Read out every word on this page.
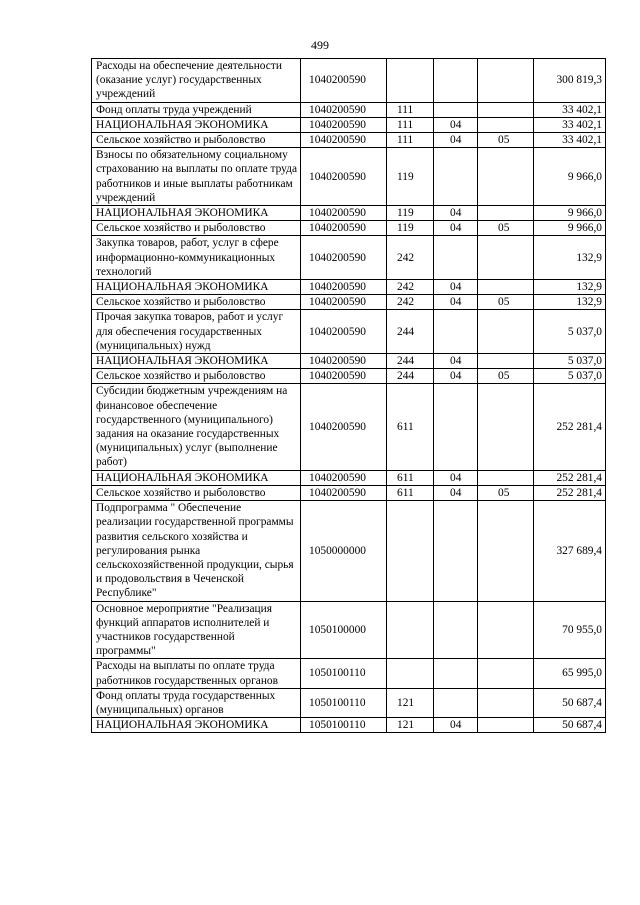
499
Расходы на обеспечение деятельности (оказание услуг) государственных учреждений	1040200590				300 819,3
Фонд оплаты труда учреждений	1040200590	111			33 402,1
НАЦИОНАЛЬНАЯ ЭКОНОМИКА	1040200590	111	04		33 402,1
Сельское хозяйство и рыболовство	1040200590	111	04	05	33 402,1
Взносы по обязательному социальному страхованию на выплаты по оплате труда работников и иные выплаты работникам учреждений	1040200590	119			9 966,0
НАЦИОНАЛЬНАЯ ЭКОНОМИКА	1040200590	119	04		9 966,0
Сельское хозяйство и рыболовство	1040200590	119	04	05	9 966,0
Закупка товаров, работ, услуг в сфере информационно-коммуникационных технологий	1040200590	242			132,9
НАЦИОНАЛЬНАЯ ЭКОНОМИКА	1040200590	242	04		132,9
Сельское хозяйство и рыболовство	1040200590	242	04	05	132,9
Прочая закупка товаров, работ и услуг для обеспечения государственных (муниципальных) нужд	1040200590	244			5 037,0
НАЦИОНАЛЬНАЯ ЭКОНОМИКА	1040200590	244	04		5 037,0
Сельское хозяйство и рыболовство	1040200590	244	04	05	5 037,0
Субсидии бюджетным учреждениям на финансовое обеспечение государственного (муниципального) задания на оказание государственных (муниципальных) услуг (выполнение работ)	1040200590	611			252 281,4
НАЦИОНАЛЬНАЯ ЭКОНОМИКА	1040200590	611	04		252 281,4
Сельское хозяйство и рыболовство	1040200590	611	04	05	252 281,4
Подпрограмма " Обеспечение реализации государственной программы развития сельского хозяйства и регулирования рынка сельскохозяйственной продукции, сырья и продовольствия в Чеченской Республике"	1050000000				327 689,4
Основное мероприятие "Реализация функций аппаратов исполнителей и участников государственной программы"	1050100000				70 955,0
Расходы на выплаты по оплате труда работников государственных органов	1050100110				65 995,0
Фонд оплаты труда государственных (муниципальных) органов	1050100110	121			50 687,4
НАЦИОНАЛЬНАЯ ЭКОНОМИКА	1050100110	121	04		50 687,4
